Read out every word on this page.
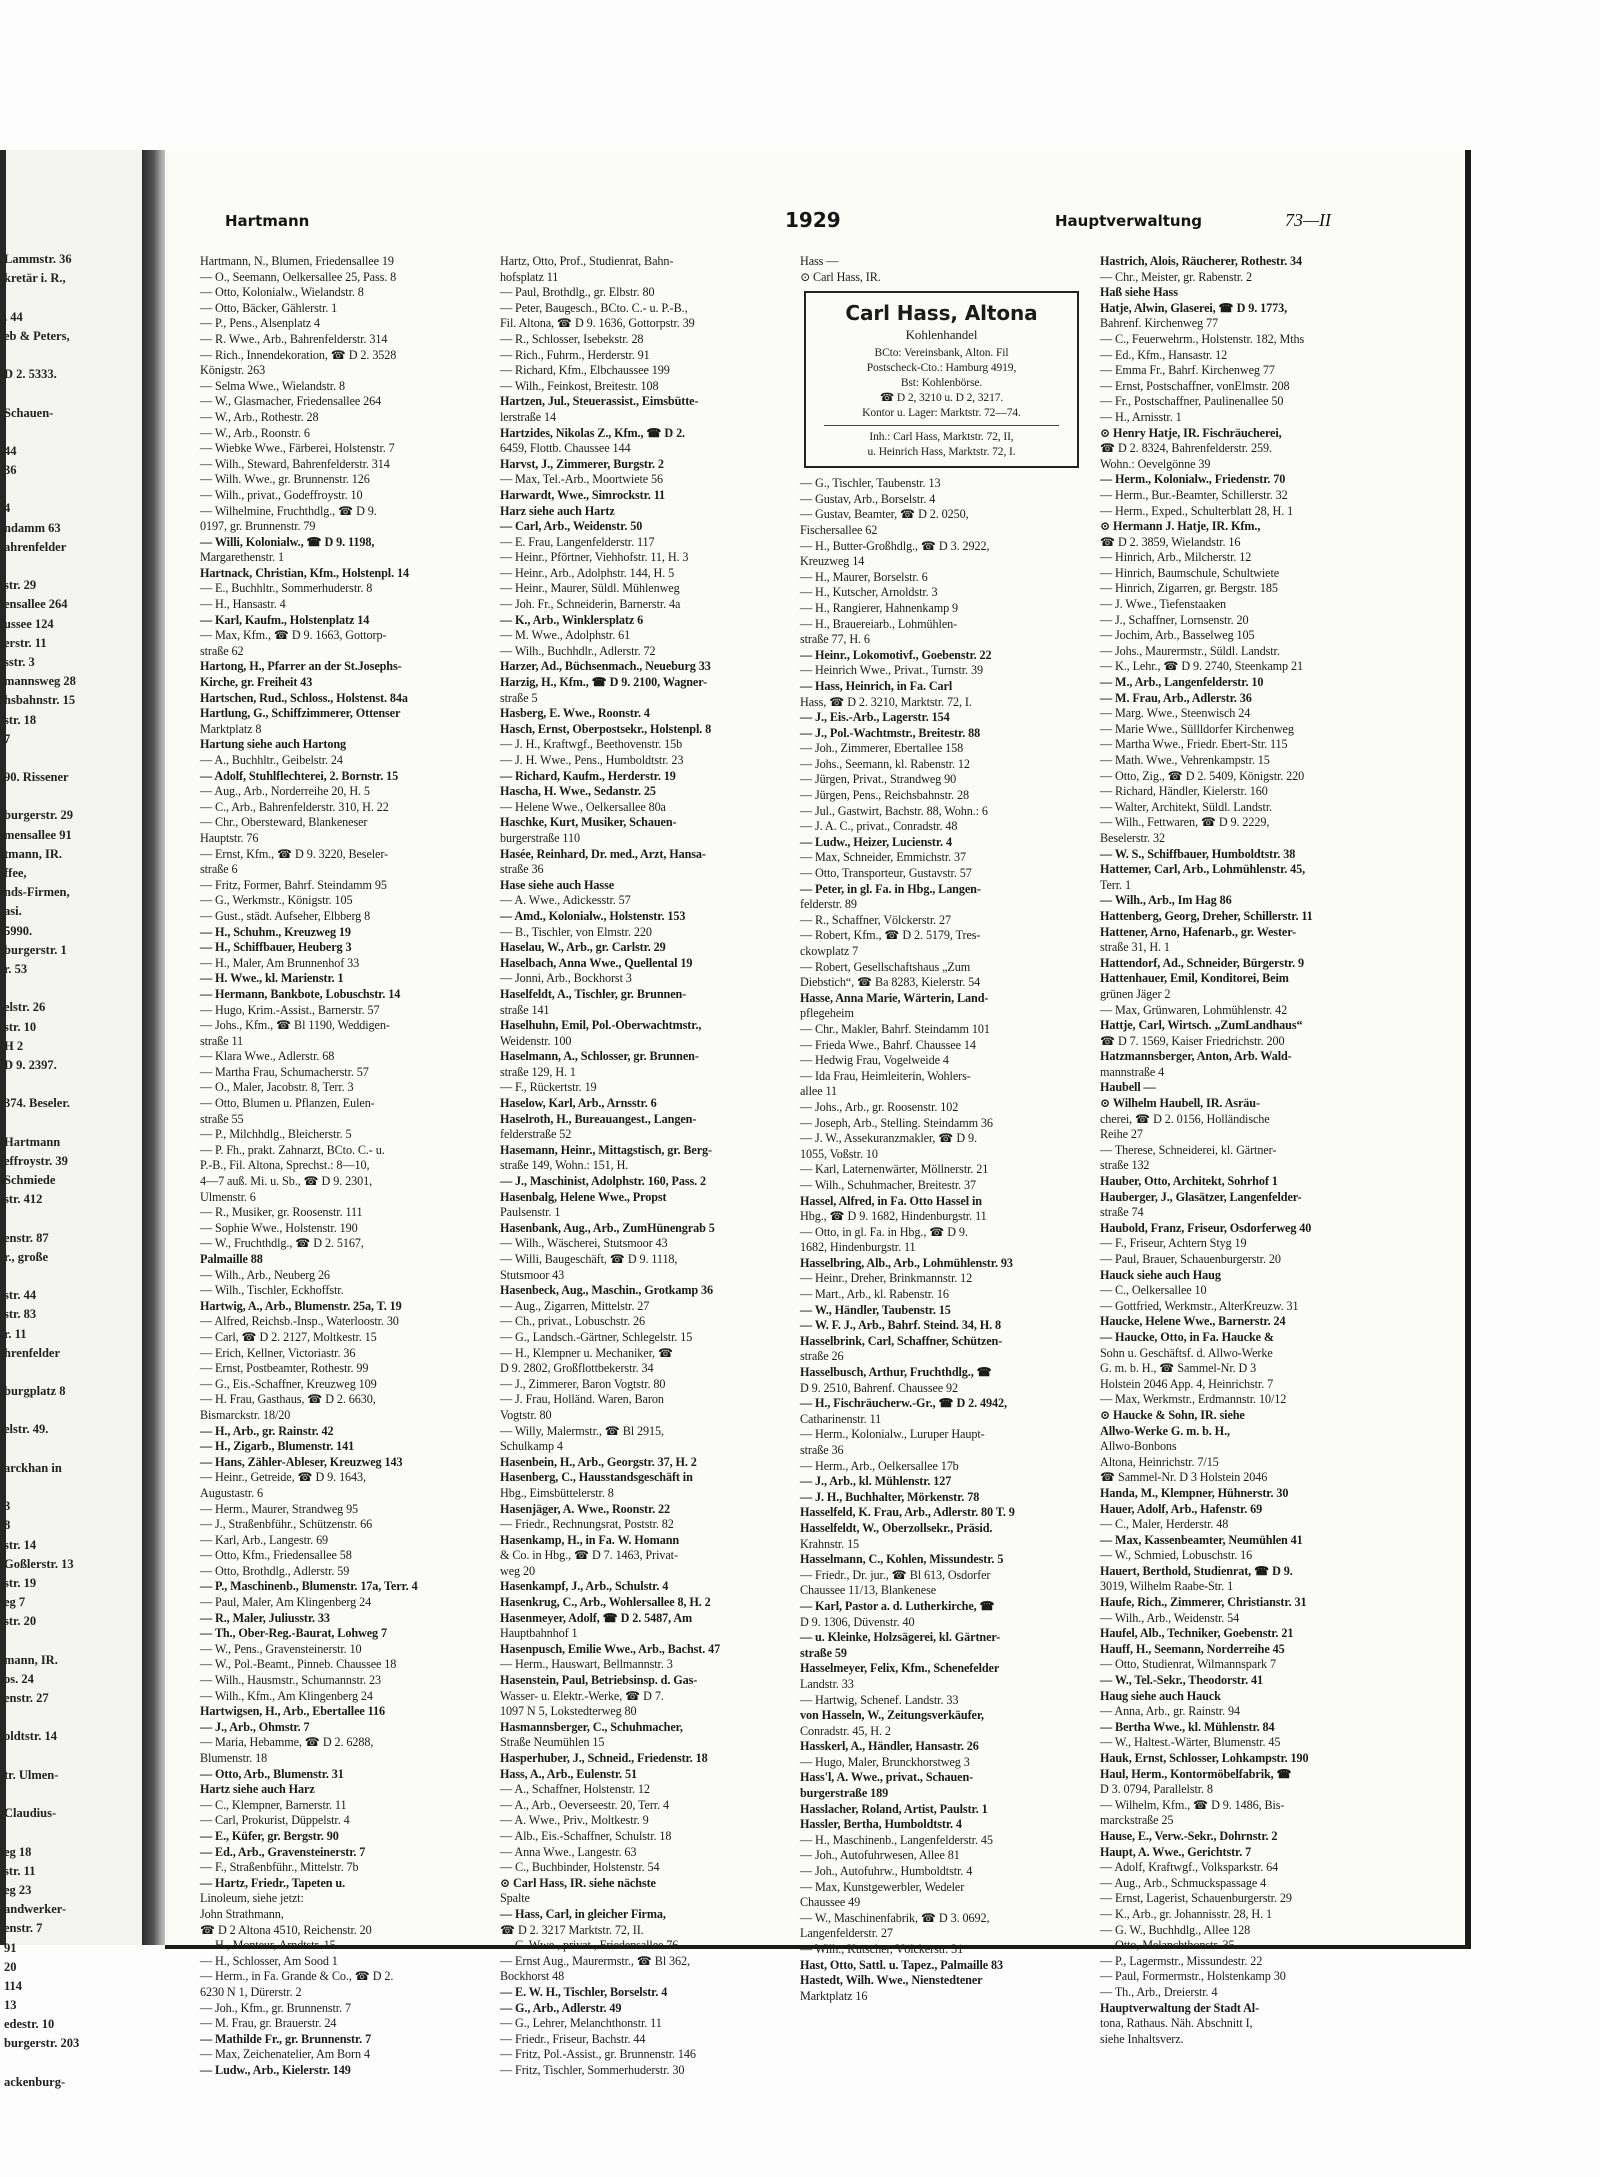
Lammstr. 36
kretär i. R.,
. 44
eb & Peters,
D 2. 5333.
Schauen-
44
36
4
ndamm 63
ahrenfelder
str. 29
ensallee 264
ussee 124
erstr. 11
sstr. 3
mannsweg 28
hsbahnstr. 15
str. 18
7
90. Rissener
burgerstr. 29
mensallee 91
tmann, IR.
ffee,
nds-Firmen,
asi.
5990.
burgerstr. 1
r. 53
elstr. 26
str. 10
H 2
D 9. 2397.
374. Beseler.
Hartmann
effroystr. 39
Schmiede
str. 412
enstr. 87
r., große
str. 44
str. 83
r. 11
hrenfelder
burgplatz 8
elstr. 49.
arckhan in
3
8
str. 14
Goßlerstr. 13
str. 19
eg 7
str. 20
mann, IR.
os. 24
enstr. 27
oldtstr. 14
tr. Ulmen-
Claudius-
eg 18
str. 11
eg 23
andwerker-
enstr. 7
91
20
114
13
edestr. 10
burgerstr. 203
ackenburg-
Hartmann	1929	Hauptverwaltung	73—II
Hartmann, N., Blumen, Friedensallee 19
— O., Seemann, Oelkersallee 25, Pass. 8
— Otto, Kolonialw., Wielandstr. 8
— Otto, Bäcker, Gählerstr. 1
— P., Pens., Alsenplatz 4
— R. Wwe., Arb., Bahrenfelderstr. 314
— Rich., Innendekoration, ☎ D 2. 3528
Königstr. 263
— Selma Wwe., Wielandstr. 8
— W., Glasmacher, Friedensallee 264
— W., Arb., Rothestr. 28
— W., Arb., Roonstr. 6
— Wiebke Wwe., Färberei, Holstenstr. 7
— Wilh., Steward, Bahrenfelderstr. 314
— Wilh. Wwe., gr. Brunnenstr. 126
— Wilh., privat., Godeffroystr. 10
— Wilhelmine, Fruchthdlg., ☎ D 9.
0197, gr. Brunnenstr. 79
— Willi, Kolonialw., ☎ D 9. 1198,
Margarethenstr. 1
Hartnack, Christian, Kfm., Holstenpl. 14
— E., Buchhltr., Sommerhuderstr. 8
— H., Hansastr. 4
— Karl, Kaufm., Holstenplatz 14
— Max, Kfm., ☎ D 9. 1663, Gottorp-
straße 62
Hartong, H., Pfarrer an der St.Josephs-
Kirche, gr. Freiheit 43
Hartschen, Rud., Schloss., Holstenst. 84a
Hartlung, G., Schiffzimmerer, Ottenser
Marktplatz 8
Hartung siehe auch Hartong
— A., Buchhltr., Geibelstr. 24
— Adolf, Stuhlflechterei, 2. Bornstr. 15
— Aug., Arb., Norderreihe 20, H. 5
— C., Arb., Bahrenfelderstr. 310, H. 22
— Chr., Obersteward, Blankeneser
Hauptstr. 76
— Ernst, Kfm., ☎ D 9. 3220, Beseler-
straße 6
— Fritz, Former, Bahrf. Steindamm 95
— G., Werkmstr., Königstr. 105
— Gust., städt. Aufseher, Elbberg 8
— H., Schuhm., Kreuzweg 19
— H., Schiffbauer, Heuberg 3
— H., Maler, Am Brunnenhof 33
— H. Wwe., kl. Marienstr. 1
— Hermann, Bankbote, Lobuschstr. 14
— Hugo, Krim.-Assist., Barnerstr. 57
— Johs., Kfm., ☎ Bl 1190, Weddigen-
straße 11
— Klara Wwe., Adlerstr. 68
— Martha Frau, Schumacherstr. 57
— O., Maler, Jacobstr. 8, Terr. 3
— Otto, Blumen u. Pflanzen, Eulen-
straße 55
— P., Milchhdlg., Bleicherstr. 5
— P. Fh., prakt. Zahnarzt, BCto. C.- u.
P.-B., Fil. Altona, Sprechst.: 8—10,
4—7 auß. Mi. u. Sb., ☎ D 9. 2301,
Ulmenstr. 6
— R., Musiker, gr. Roosenstr. 111
— Sophie Wwe., Holstenstr. 190
— W., Fruchthdlg., ☎ D 2. 5167,
Palmaille 88
— Wilh., Arb., Neuberg 26
— Wilh., Tischler, Eckhoffstr.
Hartwig, A., Arb., Blumenstr. 25a, T. 19
— Alfred, Reichsb.-Insp., Waterloostr. 30
— Carl, ☎ D 2. 2127, Moltkestr. 15
— Erich, Kellner, Victoriastr. 36
— Ernst, Postbeamter, Rothestr. 99
— G., Eis.-Schaffner, Kreuzweg 109
— H. Frau, Gasthaus, ☎ D 2. 6630,
Bismarckstr. 18/20
— H., Arb., gr. Rainstr. 42
— H., Zigarb., Blumenstr. 141
— Hans, Zähler-Ableser, Kreuzweg 143
— Heinr., Getreide, ☎ D 9. 1643,
Augustastr. 6
— Herm., Maurer, Strandweg 95
— J., Straßenbführ., Schützenstr. 66
— Karl, Arb., Langestr. 69
— Otto, Kfm., Friedensallee 58
— Otto, Brothdlg., Adlerstr. 59
— P., Maschinenb., Blumenstr. 17a, Terr. 4
— Paul, Maler, Am Klingenberg 24
— R., Maler, Juliusstr. 33
— Th., Ober-Reg.-Baurat, Lohweg 7
— W., Pens., Gravensteinerstr. 10
— W., Pol.-Beamt., Pinneb. Chaussee 18
— Wilh., Hausmstr., Schumannstr. 23
— Wilh., Kfm., Am Klingenberg 24
Hartwigsen, H., Arb., Ebertallee 116
— J., Arb., Ohmstr. 7
— Maria, Hebamme, ☎ D 2. 6288,
Blumenstr. 18
— Otto, Arb., Blumenstr. 31
Hartz siehe auch Harz
— C., Klempner, Barnerstr. 11
— Carl, Prokurist, Düppelstr. 4
— E., Küfer, gr. Bergstr. 90
— Ed., Arb., Gravensteinerstr. 7
— F., Straßenbführ., Mittelstr. 7b
— Hartz, Friedr., Tapeten u.
Linoleum, siehe jetzt:
John Strathmann,
☎ D 2 Altona 4510, Reichenstr. 20
— H., Monteur, Arndtstr. 15
— H., Schlosser, Am Sood 1
— Herm., in Fa. Grande & Co., ☎ D 2.
6230 N 1, Dürerstr. 2
— Joh., Kfm., gr. Brunnenstr. 7
— M. Frau, gr. Brauerstr. 24
— Mathilde Fr., gr. Brunnenstr. 7
— Max, Zeichenatelier, Am Born 4
— Ludw., Arb., Kielerstr. 149
Hartz, Otto, Prof., Studienrat, Bahn-
hofsplatz 11
— Paul, Brothdlg., gr. Elbstr. 80
— Peter, Baugesch., BCto. C.- u. P.-B.,
Fil. Altona, ☎ D 9. 1636, Gottorpstr. 39
— R., Schlosser, Isebekstr. 28
— Rich., Fuhrm., Herderstr. 91
— Richard, Kfm., Elbchaussee 199
— Wilh., Feinkost, Breitestr. 108
Hartzen, Jul., Steuerassist., Eimsbütte-
lerstraße 14
Hartzides, Nikolas Z., Kfm., ☎ D 2.
6459, Flottb. Chaussee 144
Harvst, J., Zimmerer, Burgstr. 2
— Max, Tel.-Arb., Moortwiete 56
Harwardt, Wwe., Simrockstr. 11
Harz siehe auch Hartz
— Carl, Arb., Weidenstr. 50
— E. Frau, Langenfelderstr. 117
— Heinr., Pförtner, Viehhofstr. 11, H. 3
— Heinr., Arb., Adolphstr. 144, H. 5
— Heinr., Maurer, Süldl. Mühlenweg
— Joh. Fr., Schneiderin, Barnerstr. 4a
— K., Arb., Winklersplatz 6
— M. Wwe., Adolphstr. 61
— Wilh., Buchhdlr., Adlerstr. 72
Harzer, Ad., Büchsenmach., Neueburg 33
Harzig, H., Kfm., ☎ D 9. 2100, Wagner-
straße 5
Hasberg, E. Wwe., Roonstr. 4
Hasch, Ernst, Oberpostsekr., Holstenpl. 8
— J. H., Kraftwgf., Beethovenstr. 15b
— J. H. Wwe., Pens., Humboldtstr. 23
— Richard, Kaufm., Herderstr. 19
Hascha, H. Wwe., Sedanstr. 25
— Helene Wwe., Oelkersallee 80a
Haschke, Kurt, Musiker, Schauen-
burgerstraße 110
Hasée, Reinhard, Dr. med., Arzt, Hansa-
straße 36
Hase siehe auch Hasse
— A. Wwe., Adickesstr. 57
— Amd., Kolonialw., Holstenstr. 153
— B., Tischler, von Elmstr. 220
Haselau, W., Arb., gr. Carlstr. 29
Haselbach, Anna Wwe., Quellental 19
— Jonni, Arb., Bockhorst 3
Haselfeldt, A., Tischler, gr. Brunnen-
straße 141
Haselhuhn, Emil, Pol.-Oberwachtmstr.,
Weidenstr. 100
Haselmann, A., Schlosser, gr. Brunnen-
straße 129, H. 1
— F., Rückertstr. 19
Haselow, Karl, Arb., Arnsstr. 6
Haselroth, H., Bureauangest., Langen-
felderstraße 52
Hasemann, Heinr., Mittagstisch, gr. Berg-
straße 149, Wohn.: 151, H.
— J., Maschinist, Adolphstr. 160, Pass. 2
Hasenbalg, Helene Wwe., Propst
Paulsenstr. 1
Hasenbank, Aug., Arb., ZumHünengrab 5
— Wilh., Wäscherei, Stutsmoor 43
— Willi, Baugeschäft, ☎ D 9. 1118,
Stutsmoor 43
Hasenbeck, Aug., Maschin., Grotkamp 36
— Aug., Zigarren, Mittelstr. 27
— Ch., privat., Lobuschstr. 26
— G., Landsch.-Gärtner, Schlegelstr. 15
— H., Klempner u. Mechaniker, ☎
D 9. 2802, Großflottbekerstr. 34
— J., Zimmerer, Baron Vogtstr. 80
— J. Frau, Holländ. Waren, Baron
Vogtstr. 80
— Willy, Malermstr., ☎ Bl 2915,
Schulkamp 4
Hasenbein, H., Arb., Georgstr. 37, H. 2
Hasenberg, C., Hausstandsgeschäft in
Hbg., Eimsbüttelerstr. 8
Hasenjäger, A. Wwe., Roonstr. 22
— Friedr., Rechnungsrat, Poststr. 82
Hasenkamp, H., in Fa. W. Homann
& Co. in Hbg., ☎ D 7. 1463, Privat-
weg 20
Hasenkampf, J., Arb., Schulstr. 4
Hasenkrug, C., Arb., Wohlersallee 8, H. 2
Hasenmeyer, Adolf, ☎ D 2. 5487, Am
Hauptbahnhof 1
Hasenpusch, Emilie Wwe., Arb., Bachst. 47
— Herm., Hauswart, Bellmannstr. 3
Hasenstein, Paul, Betriebsinsp. d. Gas-
Wasser- u. Elektr.-Werke, ☎ D 7.
1097 N 5, Lokstedterweg 80
Hasmannsberger, C., Schuhmacher,
Straße Neumühlen 15
Hasperhuber, J., Schneid., Friedenstr. 18
Hass, A., Arb., Eulenstr. 51
— A., Schaffner, Holstenstr. 12
— A., Arb., Oeverseestr. 20, Terr. 4
— A. Wwe., Priv., Moltkestr. 9
— Alb., Eis.-Schaffner, Schulstr. 18
— Anna Wwe., Langestr. 63
— C., Buchbinder, Holstenstr. 54
⊙ Carl Hass, IR. siehe nächste
Spalte
— Hass, Carl, in gleicher Firma,
☎ D 2. 3217 Marktstr. 72, II.
— C. Wwe., privat., Friedensallee 76
— Ernst Aug., Maurermstr., ☎ Bl 362,
Bockhorst 48
— E. W. H., Tischler, Borselstr. 4
— G., Arb., Adlerstr. 49
— G., Lehrer, Melanchthonstr. 11
— Friedr., Friseur, Bachstr. 44
— Fritz, Pol.-Assist., gr. Brunnenstr. 146
— Fritz, Tischler, Sommerhuderstr. 30
Hass —
⊙ Carl Hass, IR.
Carl Hass, Altona
Kohlenhandel
BCto: Vereinsbank, Alton. Fil
Postscheck-Cto.: Hamburg 4919,
Bst: Kohlenbörse.
☎ D 2, 3210 u. D 2, 3217.
Kontor u. Lager: Marktstr. 72—74.
Inh.: Carl Hass, Marktstr. 72, II,
u. Heinrich Hass, Marktstr. 72, I.
— G., Tischler, Taubenstr. 13
— Gustav, Arb., Borselstr. 4
— Gustav, Beamter, ☎ D 2. 0250,
Fischersallee 62
— H., Butter-Großhdlg., ☎ D 3. 2922,
Kreuzweg 14
— H., Maurer, Borselstr. 6
— H., Kutscher, Arnoldstr. 3
— H., Rangierer, Hahnenkamp 9
— H., Brauereiarb., Lohmühlen-
straße 77, H. 6
— Heinr., Lokomotivf., Goebenstr. 22
— Heinrich Wwe., Privat., Turnstr. 39
— Hass, Heinrich, in Fa. Carl
Hass, ☎ D 2. 3210, Marktstr. 72, I.
— J., Eis.-Arb., Lagerstr. 154
— J., Pol.-Wachtmstr., Breitestr. 88
— Joh., Zimmerer, Ebertallee 158
— Johs., Seemann, kl. Rabenstr. 12
— Jürgen, Privat., Strandweg 90
— Jürgen, Pens., Reichsbahnstr. 28
— Jul., Gastwirt, Bachstr. 88, Wohn.: 6
— J. A. C., privat., Conradstr. 48
— Ludw., Heizer, Lucienstr. 4
— Max, Schneider, Emmichstr. 37
— Otto, Transporteur, Gustavstr. 57
— Peter, in gl. Fa. in Hbg., Langen-
felderstr. 89
— R., Schaffner, Völckerstr. 27
— Robert, Kfm., ☎ D 2. 5179, Tres-
ckowplatz 7
— Robert, Gesellschaftshaus „Zum
Diebstich“, ☎ Ba 8283, Kielerstr. 54
Hasse, Anna Marie, Wärterin, Land-
pflegeheim
— Chr., Makler, Bahrf. Steindamm 101
— Frieda Wwe., Bahrf. Chaussee 14
— Hedwig Frau, Vogelweide 4
— Ida Frau, Heimleiterin, Wohlers-
allee 11
— Johs., Arb., gr. Roosenstr. 102
— Joseph, Arb., Stelling. Steindamm 36
— J. W., Assekuranzmakler, ☎ D 9.
1055, Voßstr. 10
— Karl, Laternenwärter, Möllnerstr. 21
— Wilh., Schuhmacher, Breitestr. 37
Hassel, Alfred, in Fa. Otto Hassel in
Hbg., ☎ D 9. 1682, Hindenburgstr. 11
— Otto, in gl. Fa. in Hbg., ☎ D 9.
1682, Hindenburgstr. 11
Hasselbring, Alb., Arb., Lohmühlenstr. 93
— Heinr., Dreher, Brinkmannstr. 12
— Mart., Arb., kl. Rabenstr. 16
— W., Händler, Taubenstr. 15
— W. F. J., Arb., Bahrf. Steind. 34, H. 8
Hasselbrink, Carl, Schaffner, Schützen-
straße 26
Hasselbusch, Arthur, Fruchthdlg., ☎
D 9. 2510, Bahrenf. Chaussee 92
— H., Fischräucherw.-Gr., ☎ D 2. 4942,
Catharinenstr. 11
— Herm., Kolonialw., Luruper Haupt-
straße 36
— Herm., Arb., Oelkersallee 17b
— J., Arb., kl. Mühlenstr. 127
— J. H., Buchhalter, Mörkenstr. 78
Hasselfeld, K. Frau, Arb., Adlerstr. 80 T. 9
Hasselfeldt, W., Oberzollsekr., Präsid.
Krahnstr. 15
Hasselmann, C., Kohlen, Missundestr. 5
— Friedr., Dr. jur., ☎ Bl 613, Osdorfer
Chaussee 11/13, Blankenese
— Karl, Pastor a. d. Lutherkirche, ☎
D 9. 1306, Düvenstr. 40
— u. Kleinke, Holzsägerei, kl. Gärtner-
straße 59
Hasselmeyer, Felix, Kfm., Schenefelder
Landstr. 33
— Hartwig, Schenef. Landstr. 33
von Hasseln, W., Zeitungsverkäufer,
Conradstr. 45, H. 2
Hasskerl, A., Händler, Hansastr. 26
— Hugo, Maler, Brunckhorstweg 3
Hass'l, A. Wwe., privat., Schauen-
burgerstraße 189
Hasslacher, Roland, Artist, Paulstr. 1
Hassler, Bertha, Humboldtstr. 4
— H., Maschinenb., Langenfelderstr. 45
— Joh., Autofuhrwesen, Allee 81
— Joh., Autofuhrw., Humboldtstr. 4
— Max, Kunstgewerbler, Wedeler
Chaussee 49
— W., Maschinenfabrik, ☎ D 3. 0692,
Langenfelderstr. 27
— Wilh., Kutscher, Völckerstr. 31
Hast, Otto, Sattl. u. Tapez., Palmaille 83
Hastedt, Wilh. Wwe., Nienstedtener
Marktplatz 16
Hastrich, Alois, Räucherer, Rothestr. 34
— Chr., Meister, gr. Rabenstr. 2
Haß siehe Hass
Hatje, Alwin, Glaserei, ☎ D 9. 1773,
Bahrenf. Kirchenweg 77
— C., Feuerwehrm., Holstenstr. 182, Mths
— Ed., Kfm., Hansastr. 12
— Emma Fr., Bahrf. Kirchenweg 77
— Ernst, Postschaffner, vonElmstr. 208
— Fr., Postschaffner, Paulinenallee 50
— H., Arnisstr. 1
⊙ Henry Hatje, IR. Fischräucherei,
☎ D 2. 8324, Bahrenfelderstr. 259.
Wohn.: Oevelgönne 39
— Herm., Kolonialw., Friedenstr. 70
— Herm., Bur.-Beamter, Schillerstr. 32
— Herm., Exped., Schulterblatt 28, H. 1
⊙ Hermann J. Hatje, IR. Kfm.,
☎ D 2. 3859, Wielandstr. 16
— Hinrich, Arb., Milcherstr. 12
— Hinrich, Baumschule, Schultwiete
— Hinrich, Zigarren, gr. Bergstr. 185
— J. Wwe., Tiefenstaaken
— J., Schaffner, Lornsenstr. 20
— Jochim, Arb., Basselweg 105
— Johs., Maurermstr., Süldl. Landstr.
— K., Lehr., ☎ D 9. 2740, Steenkamp 21
— M., Arb., Langenfelderstr. 10
— M. Frau, Arb., Adlerstr. 36
— Marg. Wwe., Steenwisch 24
— Marie Wwe., Süllldorfer Kirchenweg
— Martha Wwe., Friedr. Ebert-Str. 115
— Math. Wwe., Vehrenkampstr. 15
— Otto, Zig., ☎ D 2. 5409, Königstr. 220
— Richard, Händler, Kielerstr. 160
— Walter, Architekt, Süldl. Landstr.
— Wilh., Fettwaren, ☎ D 9. 2229,
Beselerstr. 32
— W. S., Schiffbauer, Humboldtstr. 38
Hattemer, Carl, Arb., Lohmühlenstr. 45,
Terr. 1
— Wilh., Arb., Im Hag 86
Hattenberg, Georg, Dreher, Schillerstr. 11
Hattener, Arno, Hafenarb., gr. Wester-
straße 31, H. 1
Hattendorf, Ad., Schneider, Bürgerstr. 9
Hattenhauer, Emil, Konditorei, Beim
grünen Jäger 2
— Max, Grünwaren, Lohmühlenstr. 42
Hattje, Carl, Wirtsch. „ZumLandhaus“
☎ D 7. 1569, Kaiser Friedrichstr. 200
Hatzmannsberger, Anton, Arb. Wald-
mannstraße 4
Haubell —
⊙ Wilhelm Haubell, IR. Asräu-
cherei, ☎ D 2. 0156, Holländische
Reihe 27
— Therese, Schneiderei, kl. Gärtner-
straße 132
Hauber, Otto, Architekt, Sohrhof 1
Hauberger, J., Glasätzer, Langenfelder-
straße 74
Haubold, Franz, Friseur, Osdorferweg 40
— F., Friseur, Achtern Styg 19
— Paul, Brauer, Schauenburgerstr. 20
Hauck siehe auch Haug
— C., Oelkersallee 10
— Gottfried, Werkmstr., AlterKreuzw. 31
Haucke, Helene Wwe., Barnerstr. 24
— Haucke, Otto, in Fa. Haucke &
Sohn u. Geschäftsf. d. Allwo-Werke
G. m. b. H., ☎ Sammel-Nr. D 3
Holstein 2046 App. 4, Heinrichstr. 7
— Max, Werkmstr., Erdmannstr. 10/12
⊙ Haucke & Sohn, IR. siehe
Allwo-Werke G. m. b. H.,
Allwo-Bonbons
Altona, Heinrichstr. 7/15
☎ Sammel-Nr. D 3 Holstein 2046
Handa, M., Klempner, Hühnerstr. 30
Hauer, Adolf, Arb., Hafenstr. 69
— C., Maler, Herderstr. 48
— Max, Kassenbeamter, Neumühlen 41
— W., Schmied, Lobuschstr. 16
Hauert, Berthold, Studienrat, ☎ D 9.
3019, Wilhelm Raabe-Str. 1
Haufe, Rich., Zimmerer, Christianstr. 31
— Wilh., Arb., Weidenstr. 54
Haufel, Alb., Techniker, Goebenstr. 21
Hauff, H., Seemann, Norderreihe 45
— Otto, Studienrat, Wilmannspark 7
— W., Tel.-Sekr., Theodorstr. 41
Haug siehe auch Hauck
— Anna, Arb., gr. Rainstr. 94
— Bertha Wwe., kl. Mühlenstr. 84
— W., Haltest.-Wärter, Blumenstr. 45
Hauk, Ernst, Schlosser, Lohkampstr. 190
Haul, Herm., Kontormöbelfabrik, ☎
D 3. 0794, Parallelstr. 8
— Wilhelm, Kfm., ☎ D 9. 1486, Bis-
marckstraße 25
Hause, E., Verw.-Sekr., Dohrnstr. 2
Haupt, A. Wwe., Gerichtstr. 7
— Adolf, Kraftwgf., Volksparkstr. 64
— Aug., Arb., Schmuckspassage 4
— Ernst, Lagerist, Schauenburgerstr. 29
— K., Arb., gr. Johannisstr. 28, H. 1
— G. W., Buchhdlg., Allee 128
— Otto, Melanchthonstr. 35
— P., Lagermstr., Missundestr. 22
— Paul, Formermstr., Holstenkamp 30
— Th., Arb., Dreierstr. 4
Hauptverwaltung der Stadt Al-
tona, Rathaus. Näh. Abschnitt I,
siehe Inhaltsverz.
